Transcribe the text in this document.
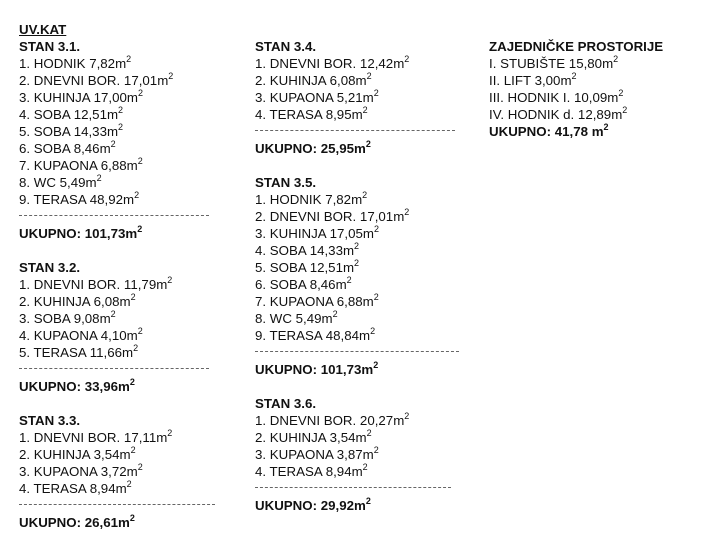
UV.KAT
STAN 3.1.
1. HODNIK $7,82m^2$
2. DNEVNI BOR. $17,01m^2$
3. KUHINJA $17,00m^2$
4. SOBA $12,51m^2$
5. SOBA $14,33m^2$
6. SOBA $8,46m^2$
7. KUPAONA $6,88m^2$
8. WC $5,49m^2$
9. TERASA $48,92m^2$
UKUPNO: $101,73m^2$
STAN 3.2.
1. DNEVNI BOR. $11,79m^2$
2. KUHINJA $6,08m^2$
3. SOBA $9,08m^2$
4. KUPAONA $4,10m^2$
5. TERASA $11,66m^2$
UKUPNO: $33,96m^2$
STAN 3.3.
1. DNEVNI BOR. $17,11m^2$
2. KUHINJA $3,54m^2$
3. KUPAONA $3,72m^2$
4. TERASA $8,94m^2$
UKUPNO: $26,61m^2$
STAN 3.4.
1. DNEVNI BOR. $12,42m^2$
2. KUHINJA $6,08m^2$
3. KUPAONA $5,21m^2$
4. TERASA $8,95m^2$
UKUPNO: $25,95m^2$
STAN 3.5.
1. HODNIK $7,82m^2$
2. DNEVNI BOR. $17,01m^2$
3. KUHINJA $17,05m^2$
4. SOBA $14,33m^2$
5. SOBA $12,51m^2$
6. SOBA $8,46m^2$
7. KUPAONA $6,88m^2$
8. WC $5,49m^2$
9. TERASA $48,84m^2$
UKUPNO: $101,73m^2$
STAN 3.6.
1. DNEVNI BOR. $20,27m^2$
2. KUHINJA $3,54m^2$
3. KUPAONA $3,87m^2$
4. TERASA $8,94m^2$
UKUPNO: $29,92m^2$
ZAJEDNIČKE PROSTORIJE
I. STUBIŠTE $15,80m^2$
II. LIFT $3,00m^2$
III. HODNIK I. $10,09m^2$
IV. HODNIK d. $12,89m^2$
UKUPNO: 41,78 $m^2$
